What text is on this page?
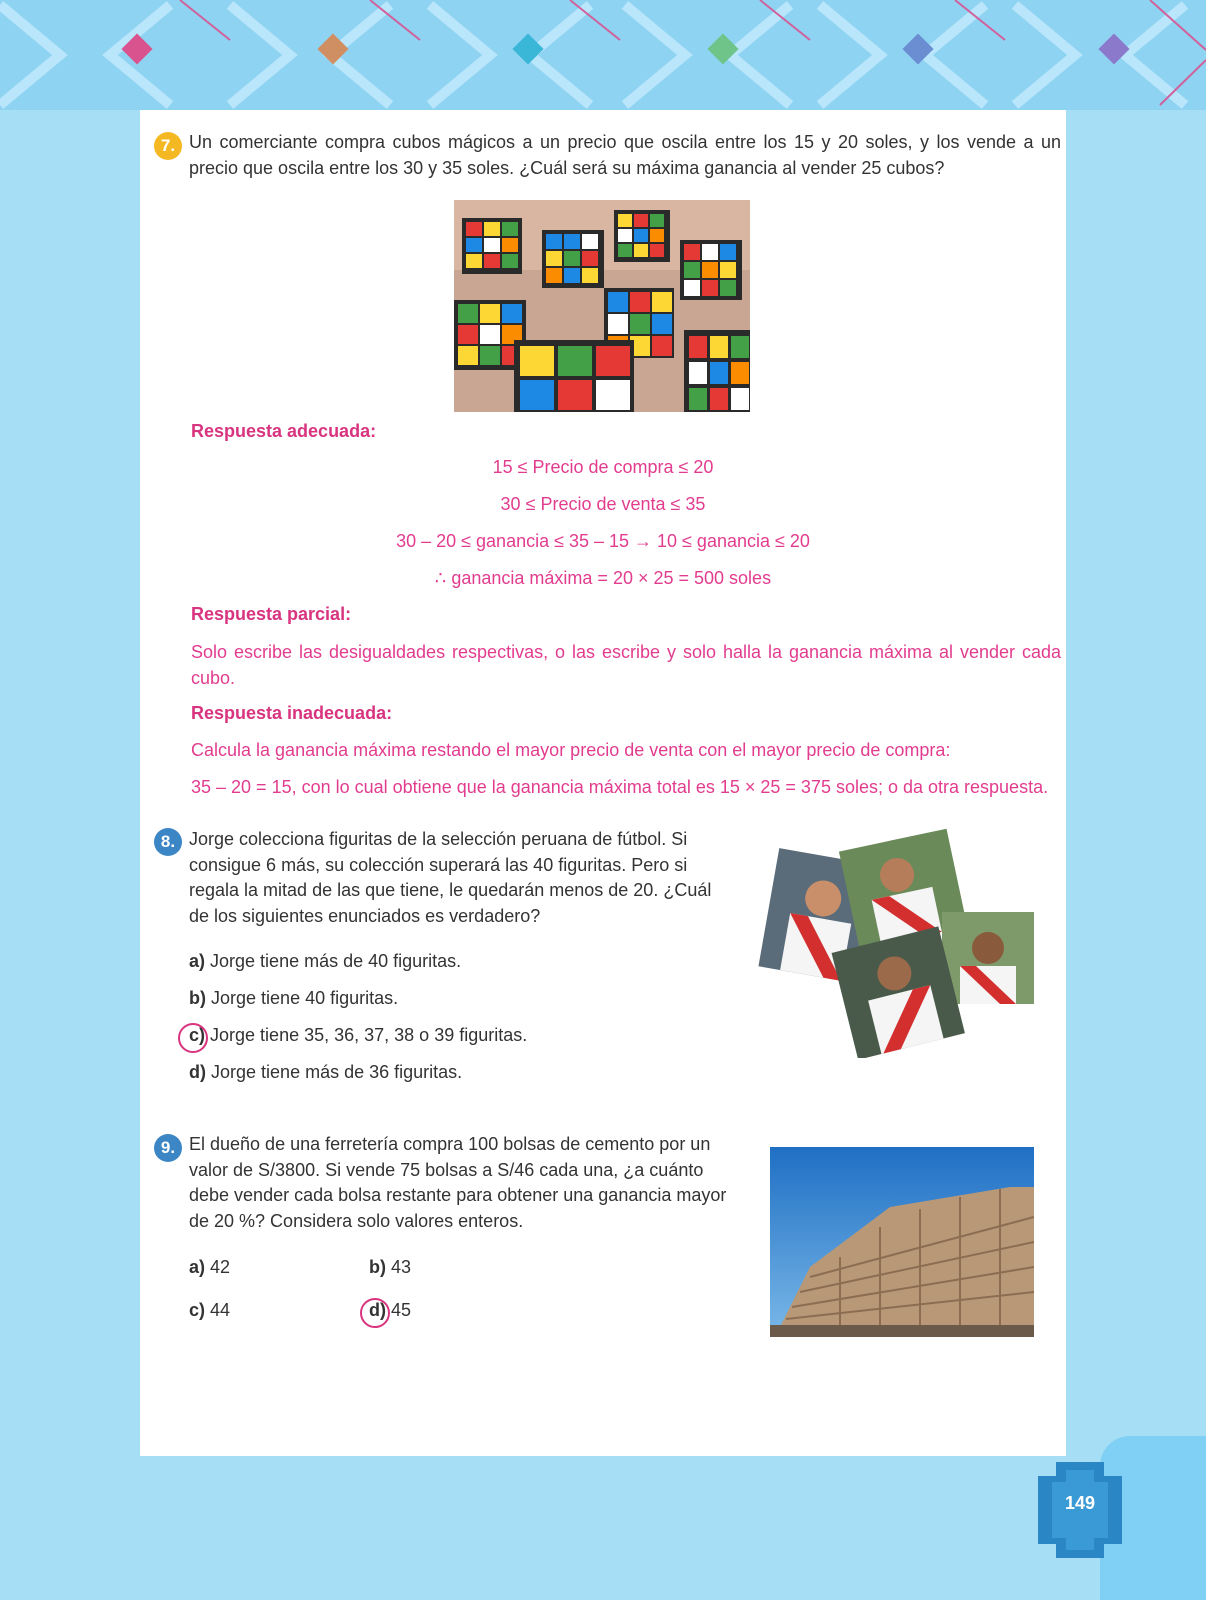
7. Un comerciante compra cubos mágicos a un precio que oscila entre los 15 y 20 soles, y los vende a un precio que oscila entre los 30 y 35 soles. ¿Cuál será su máxima ganancia al vender 25 cubos?
Respuesta adecuada:
15 ≤ Precio de compra ≤ 20
30 ≤ Precio de venta ≤ 35
30 – 20 ≤ ganancia ≤ 35 – 15 → 10 ≤ ganancia ≤ 20
∴ ganancia máxima = 20 × 25 = 500 soles
Respuesta parcial:
Solo escribe las desigualdades respectivas, o las escribe y solo halla la ganancia máxima al vender cada cubo.
Respuesta inadecuada:
Calcula la ganancia máxima restando el mayor precio de venta con el mayor precio de compra:
35 – 20 = 15, con lo cual obtiene que la ganancia máxima total es 15 × 25 = 375 soles; o da otra respuesta.
8. Jorge colecciona figuritas de la selección peruana de fútbol. Si consigue 6 más, su colección superará las 40 figuritas. Pero si regala la mitad de las que tiene, le quedarán menos de 20. ¿Cuál de los siguientes enunciados es verdadero?
a) Jorge tiene más de 40 figuritas.
b) Jorge tiene 40 figuritas.
c) Jorge tiene 35, 36, 37, 38 o 39 figuritas.
d) Jorge tiene más de 36 figuritas.
9. El dueño de una ferretería compra 100 bolsas de cemento por un valor de S/3800. Si vende 75 bolsas a S/46 cada una, ¿a cuánto debe vender cada bolsa restante para obtener una ganancia mayor de 20 %? Considera solo valores enteros.
a) 42	b) 43
c) 44	d) 45
149
